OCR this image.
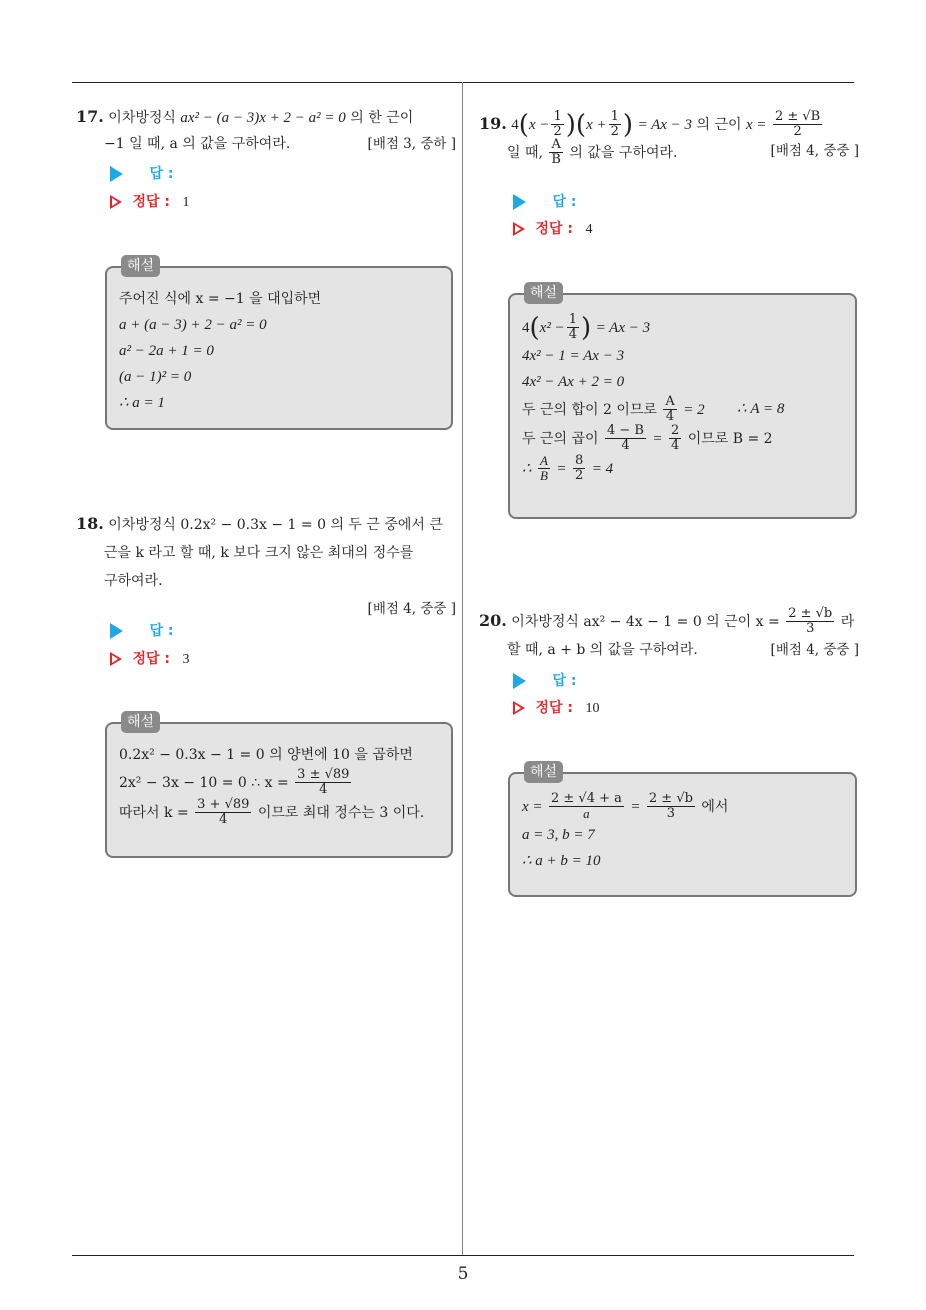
5
17. 이차방정식 ax² − (a − 3)x + 2 − a² = 0 의 한 근이
−1 일 때, a 의 값을 구하여라.	[배점 3, 중하 ]
답 :
정답 : 1
해설
주어진 식에 x = −1 을 대입하면
a + (a − 3) + 2 − a² = 0
a² − 2a + 1 = 0
(a − 1)² = 0
∴ a = 1
18. 이차방정식 0.2x² − 0.3x − 1 = 0 의 두 근 중에서 큰
근을 k 라고 할 때, k 보다 크지 않은 최대의 정수를
구하여라.
[배점 4, 중중 ]
답 :
정답 : 3
해설
0.2x² − 0.3x − 1 = 0 의 양변에 10 을 곱하면
2x² − 3x − 10 = 0 ∴ $x = \frac{3 \pm √89}{4}$
따라서 $k = \frac{3 + √89}{4}$ 이므로 최대 정수는 3 이다.
19. $4(x - \frac{1}{2} )(x + \frac{1}{2}$ ) = Ax − 3 의 근이 $x = \frac{2 \pm √B}{2}$
일 때, $\frac{A}{B}$ 의 값을 구하여라.	[배점 4, 중중 ]
답 :
정답 : 4
해설
$4(x^2 - \frac{1}{4}$ ) = Ax − 3
4x² − 1 = Ax − 3
4x² − Ax + 2 = 0
두 근의 합이 2 이므로 $\frac{A}{4} = 2$ ∴ A = 8
두 근의 곱이 $\frac{4 - B}{4} = \frac{2}{4}$ 이므로 B = 2
∴ $\frac{A}{B} = \frac{8}{2} = 4$
20. 이차방정식 ax² − 4x − 1 = 0 의 근이 $x = \frac{2 \pm √b}{3}$ 라
할 때, a + b 의 값을 구하여라.	[배점 4, 중중 ]
답 :
정답 : 10
해설
$x = \frac{2 \pm √4 + a}{a} = \frac{2 \pm √b}{3}$ 에서
a = 3, b = 7
∴ a + b = 10
